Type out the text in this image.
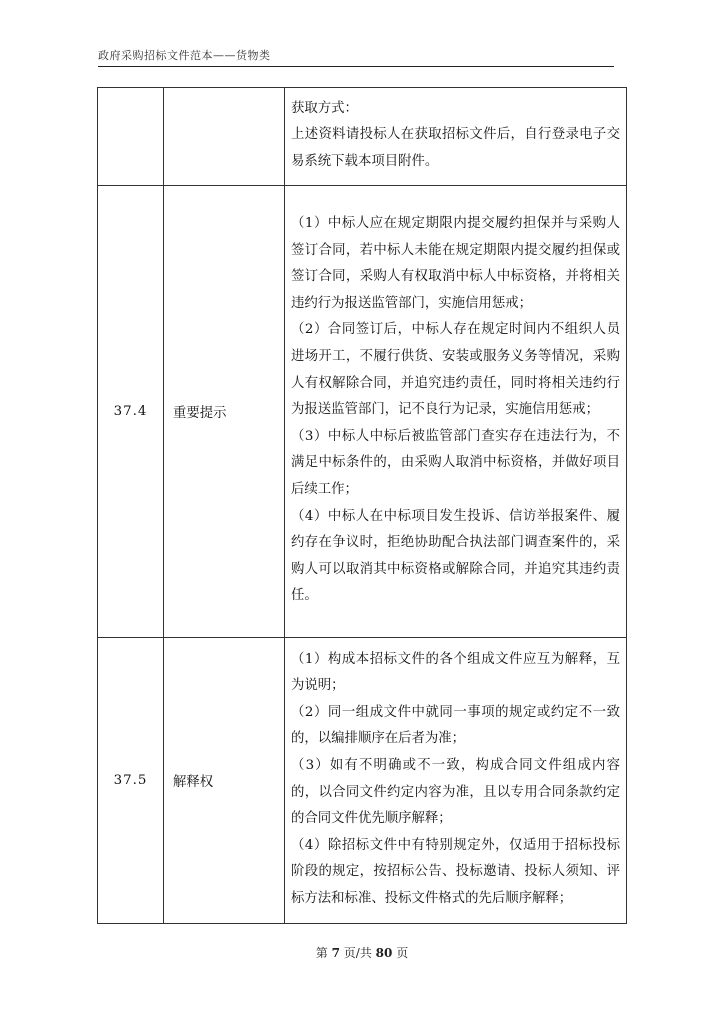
政府采购招标文件范本——货物类

		获取方式：

上述资料请投标人在获取招标文件后，自行登录电子交易系统下载本项目附件。

37.4	重要提示	（1）中标人应在规定期限内提交履约担保并与采购人签订合同，若中标人未能在规定期限内提交履约担保或签订合同，采购人有权取消中标人中标资格，并将相关违约行为报送监管部门，实施信用惩戒；

（2）合同签订后，中标人存在规定时间内不组织人员进场开工，不履行供货、安装或服务义务等情况，采购人有权解除合同，并追究违约责任，同时将相关违约行为报送监管部门，记不良行为记录，实施信用惩戒；

（3）中标人中标后被监管部门查实存在违法行为，不满足中标条件的，由采购人取消中标资格，并做好项目后续工作；

（4）中标人在中标项目发生投诉、信访举报案件、履约存在争议时，拒绝协助配合执法部门调查案件的，采购人可以取消其中标资格或解除合同，并追究其违约责任。

37.5	解释权	（1）构成本招标文件的各个组成文件应互为解释，互为说明；

（2）同一组成文件中就同一事项的规定或约定不一致的，以编排顺序在后者为准；

（3）如有不明确或不一致，构成合同文件组成内容的，以合同文件约定内容为准，且以专用合同条款约定的合同文件优先顺序解释；

（4）除招标文件中有特别规定外，仅适用于招标投标阶段的规定，按招标公告、投标邀请、投标人须知、评标方法和标准、投标文件格式的先后顺序解释；

第 7 页/共 80 页
